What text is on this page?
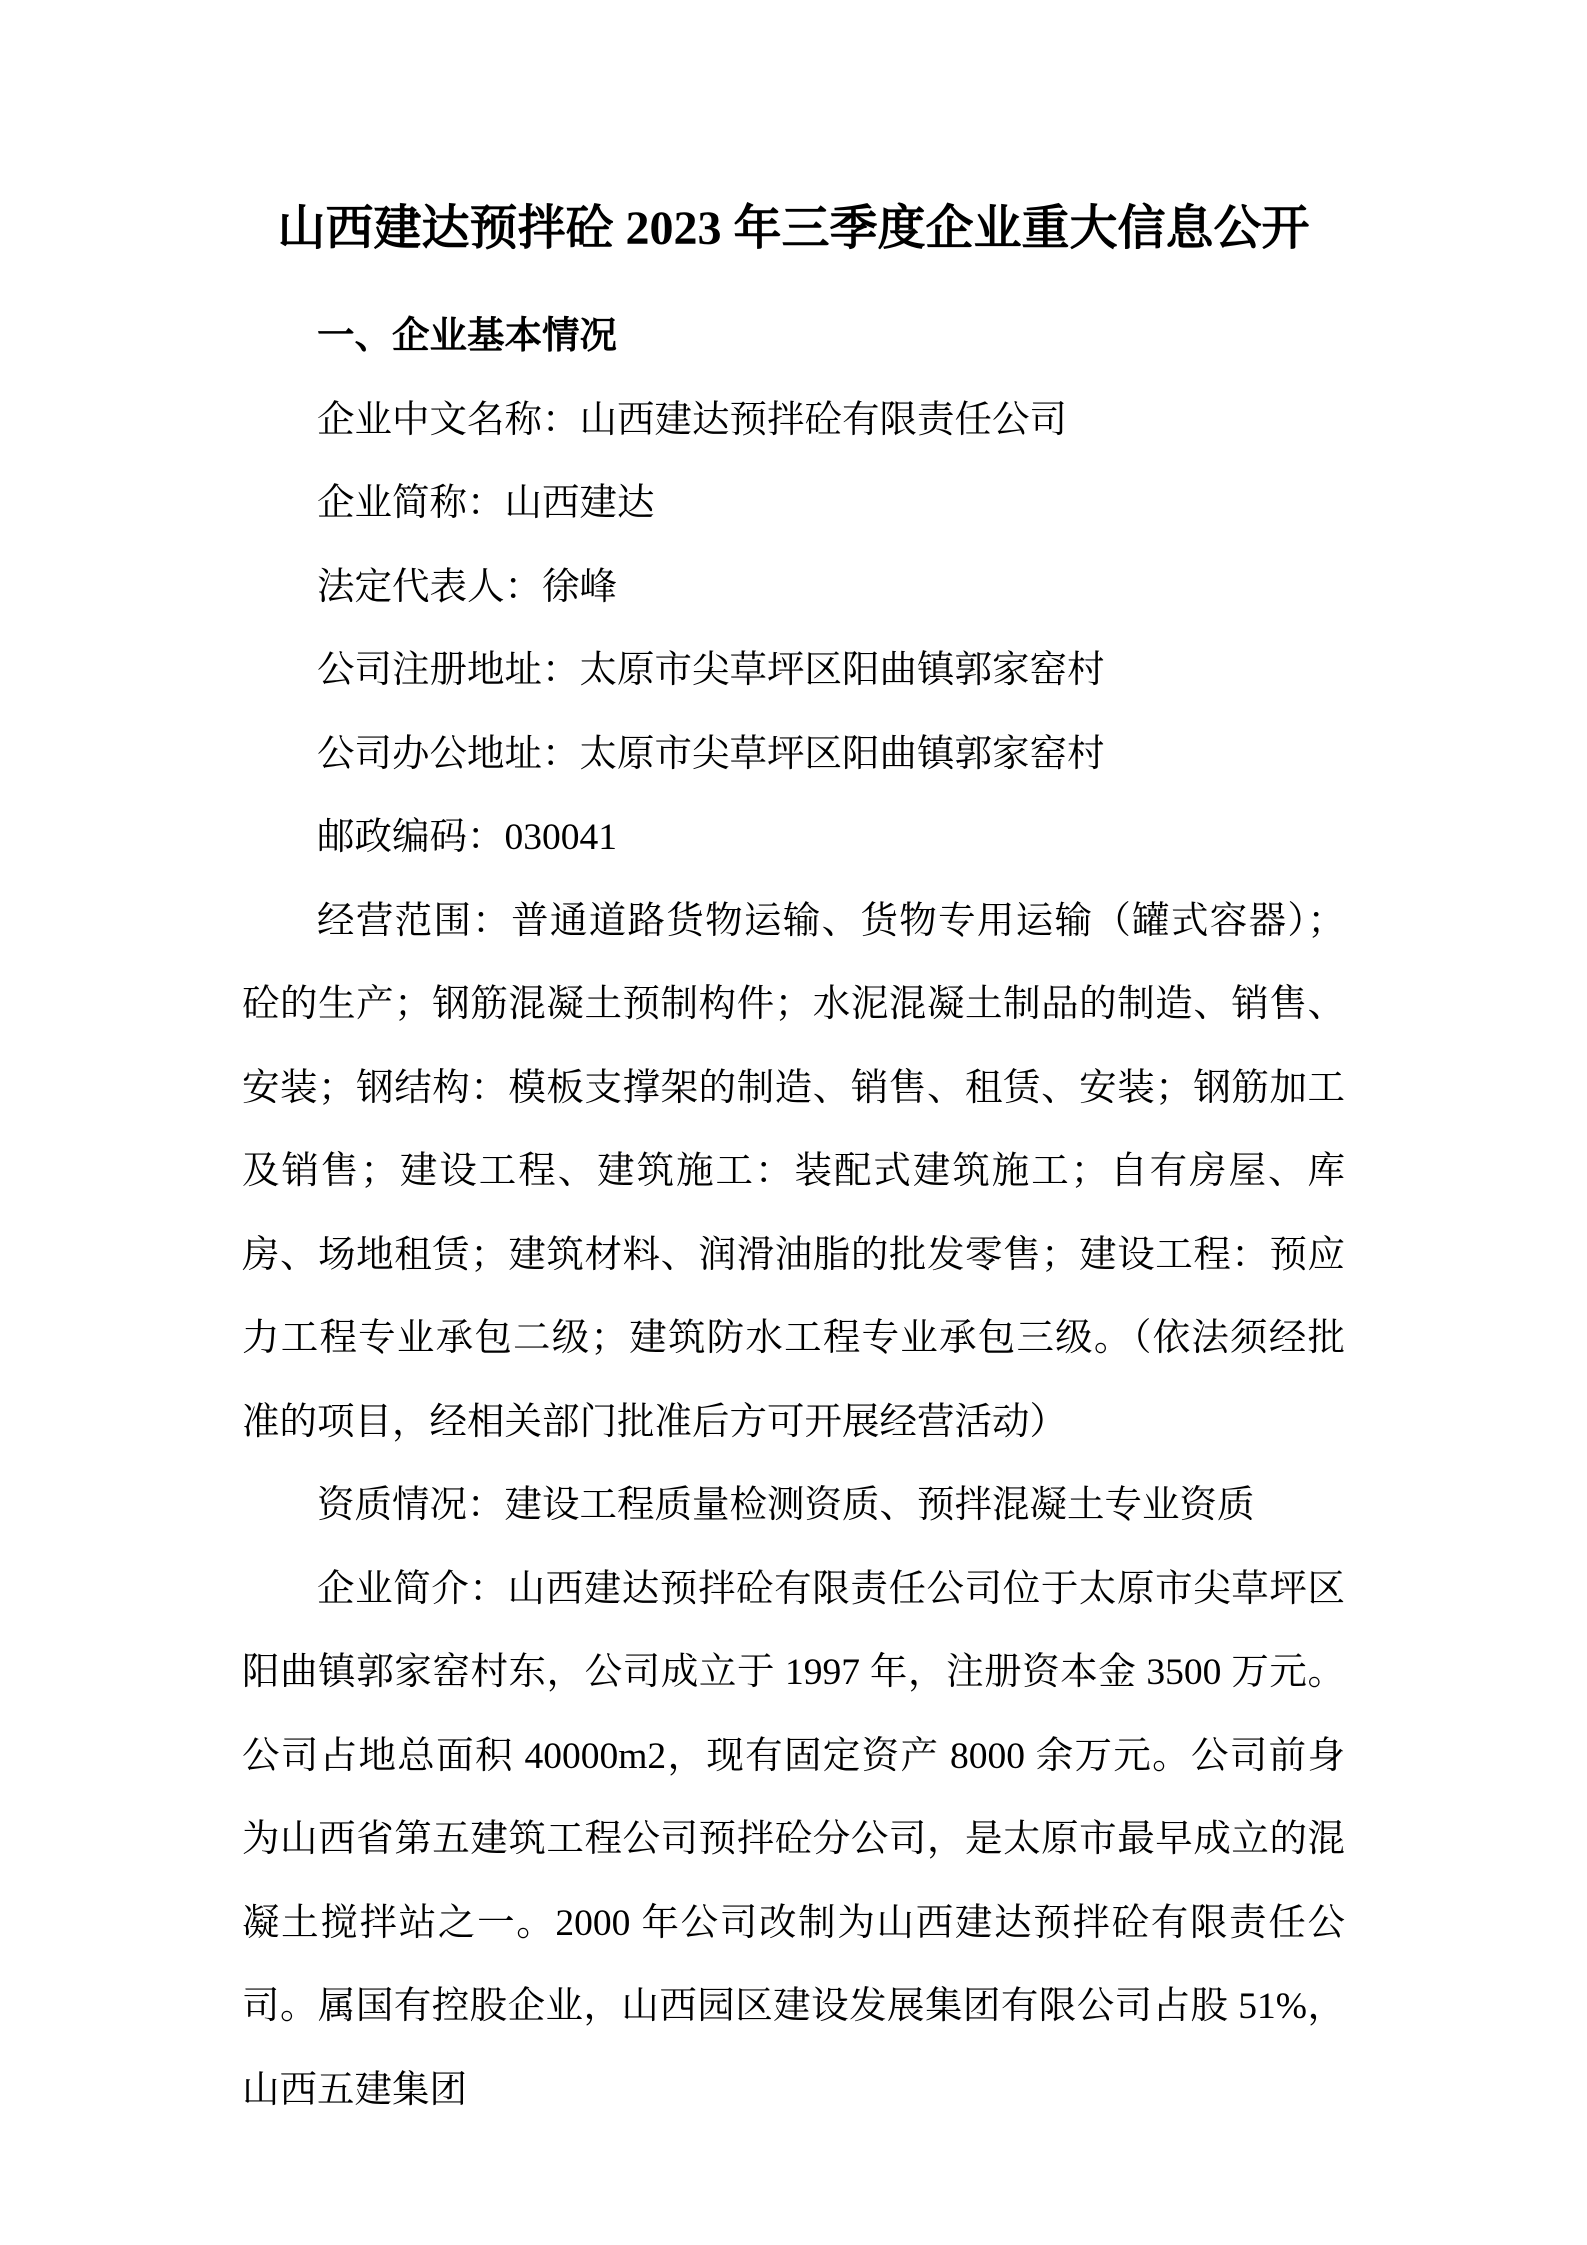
山西建达预拌砼 2023 年三季度企业重大信息公开

一、企业基本情况

企业中文名称：山西建达预拌砼有限责任公司

企业简称：山西建达

法定代表人：徐峰

公司注册地址：太原市尖草坪区阳曲镇郭家窑村

公司办公地址：太原市尖草坪区阳曲镇郭家窑村

邮政编码：030041

经营范围：普通道路货物运输、货物专用运输（罐式容器）；砼的生产；钢筋混凝土预制构件；水泥混凝土制品的制造、销售、安装；钢结构：模板支撑架的制造、销售、租赁、安装；钢筋加工及销售；建设工程、建筑施工：装配式建筑施工；自有房屋、库房、场地租赁；建筑材料、润滑油脂的批发零售；建设工程：预应力工程专业承包二级；建筑防水工程专业承包三级。（依法须经批准的项目，经相关部门批准后方可开展经营活动）

资质情况：建设工程质量检测资质、预拌混凝土专业资质

企业简介：山西建达预拌砼有限责任公司位于太原市尖草坪区阳曲镇郭家窑村东，公司成立于 1997 年，注册资本金 3500 万元。公司占地总面积 40000m2，现有固定资产 8000 余万元。公司前身为山西省第五建筑工程公司预拌砼分公司，是太原市最早成立的混凝土搅拌站之一。2000 年公司改制为山西建达预拌砼有限责任公司。属国有控股企业，山西园区建设发展集团有限公司占股 51%，山西五建集团
